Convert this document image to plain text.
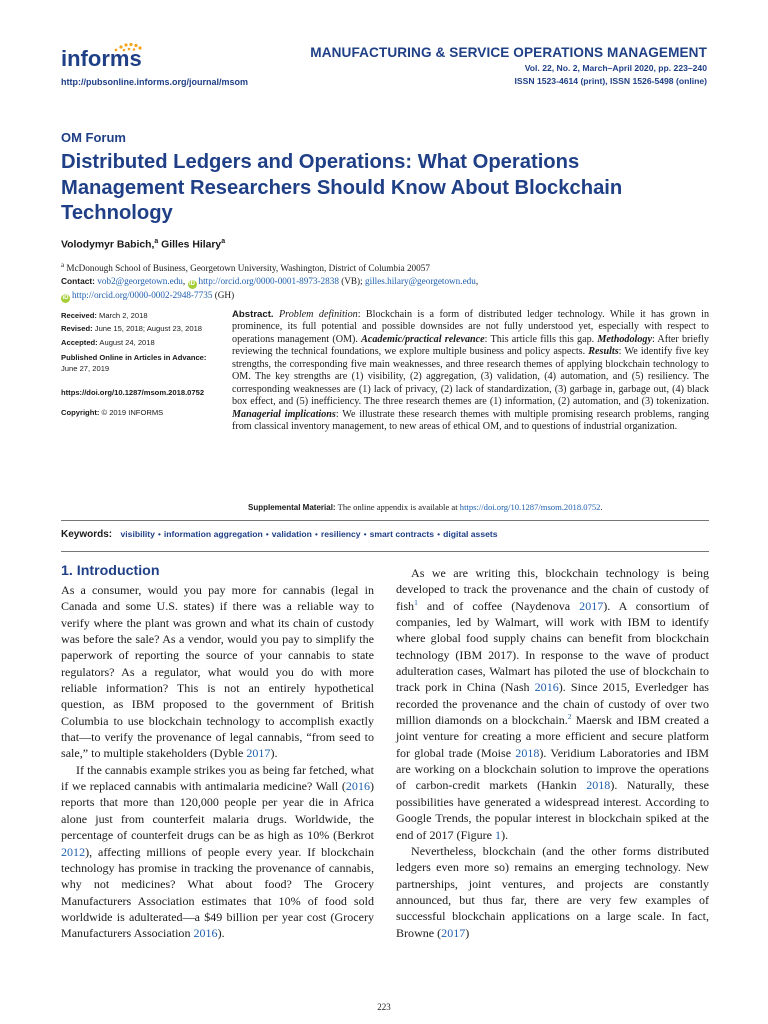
informs
http://pubsonline.informs.org/journal/msom
MANUFACTURING & SERVICE OPERATIONS MANAGEMENT
Vol. 22, No. 2, March–April 2020, pp. 223–240
ISSN 1523-4614 (print), ISSN 1526-5498 (online)
OM Forum
Distributed Ledgers and Operations: What Operations Management Researchers Should Know About Blockchain Technology
Volodymyr Babich,$^a$ Gilles Hilary$^a$
$^a$ McDonough School of Business, Georgetown University, Washington, District of Columbia 20057
Contact: vob2@georgetown.edu, iD http://orcid.org/0000-0001-8973-2838 (VB); gilles.hilary@georgetown.edu,
iD http://orcid.org/0000-0002-2948-7735 (GH)
Received: March 2, 2018
Revised: June 15, 2018; August 23, 2018
Accepted: August 24, 2018
Published Online in Articles in Advance:
June 27, 2019
https://doi.org/10.1287/msom.2018.0752
Copyright: © 2019 INFORMS
Abstract. Problem definition: Blockchain is a form of distributed ledger technology. While it has grown in prominence, its full potential and possible downsides are not fully understood yet, especially with respect to operations management (OM). Academic/practical relevance: This article fills this gap. Methodology: After briefly reviewing the technical foundations, we explore multiple business and policy aspects. Results: We identify five key strengths, the corresponding five main weaknesses, and three research themes of applying blockchain technology to OM. The key strengths are (1) visibility, (2) aggregation, (3) validation, (4) automation, and (5) resiliency. The corresponding weaknesses are (1) lack of privacy, (2) lack of standardization, (3) garbage in, garbage out, (4) black box effect, and (5) inefficiency. The three research themes are (1) information, (2) automation, and (3) tokenization. Managerial implications: We illustrate these research themes with multiple promising research problems, ranging from classical inventory management, to new areas of ethical OM, and to questions of industrial organization.
Supplemental Material: The online appendix is available at https://doi.org/10.1287/msom.2018.0752.
Keywords: visibility • information aggregation • validation • resiliency • smart contracts • digital assets
1. Introduction

As a consumer, would you pay more for cannabis (legal in Canada and some U.S. states) if there was a reliable way to verify where the plant was grown and what its chain of custody was before the sale? As a vendor, would you pay to simplify the paperwork of reporting the source of your cannabis to state regulators? As a regulator, what would you do with more reliable information? This is not an entirely hypothetical question, as IBM proposed to the government of British Columbia to use blockchain technology to accomplish exactly that—to verify the provenance of legal cannabis, “from seed to sale,” to multiple stakeholders (Dyble 2017).

If the cannabis example strikes you as being far fetched, what if we replaced cannabis with antimalaria medicine? Wall (2016) reports that more than 120,000 people per year die in Africa alone just from counterfeit malaria drugs. Worldwide, the percentage of counterfeit drugs can be as high as 10% (Berkrot 2012), affecting millions of people every year. If blockchain technology has promise in tracking the provenance of cannabis, why not medicines? What about food? The Grocery Manufacturers Association estimates that 10% of food sold worldwide is adulterated—a $49 billion per year cost (Grocery Manufacturers Association 2016).

As we are writing this, blockchain technology is being developed to track the provenance and the chain of custody of fish$^1$ and of coffee (Naydenova 2017). A consortium of companies, led by Walmart, will work with IBM to identify where global food supply chains can benefit from blockchain technology (IBM 2017). In response to the wave of product adulteration cases, Walmart has piloted the use of blockchain to track pork in China (Nash 2016). Since 2015, Everledger has recorded the provenance and the chain of custody of over two million diamonds on a blockchain.$^2$ Maersk and IBM created a joint venture for creating a more efficient and secure platform for global trade (Moise 2018). Veridium Laboratories and IBM are working on a blockchain solution to improve the operations of carbon-credit markets (Hankin 2018). Naturally, these possibilities have generated a widespread interest. According to Google Trends, the popular interest in blockchain spiked at the end of 2017 (Figure 1).

Nevertheless, blockchain (and the other forms distributed ledgers even more so) remains an emerging technology. New partnerships, joint ventures, and projects are constantly announced, but thus far, there are very few examples of successful blockchain applications on a large scale. In fact, Browne (2017)

223
